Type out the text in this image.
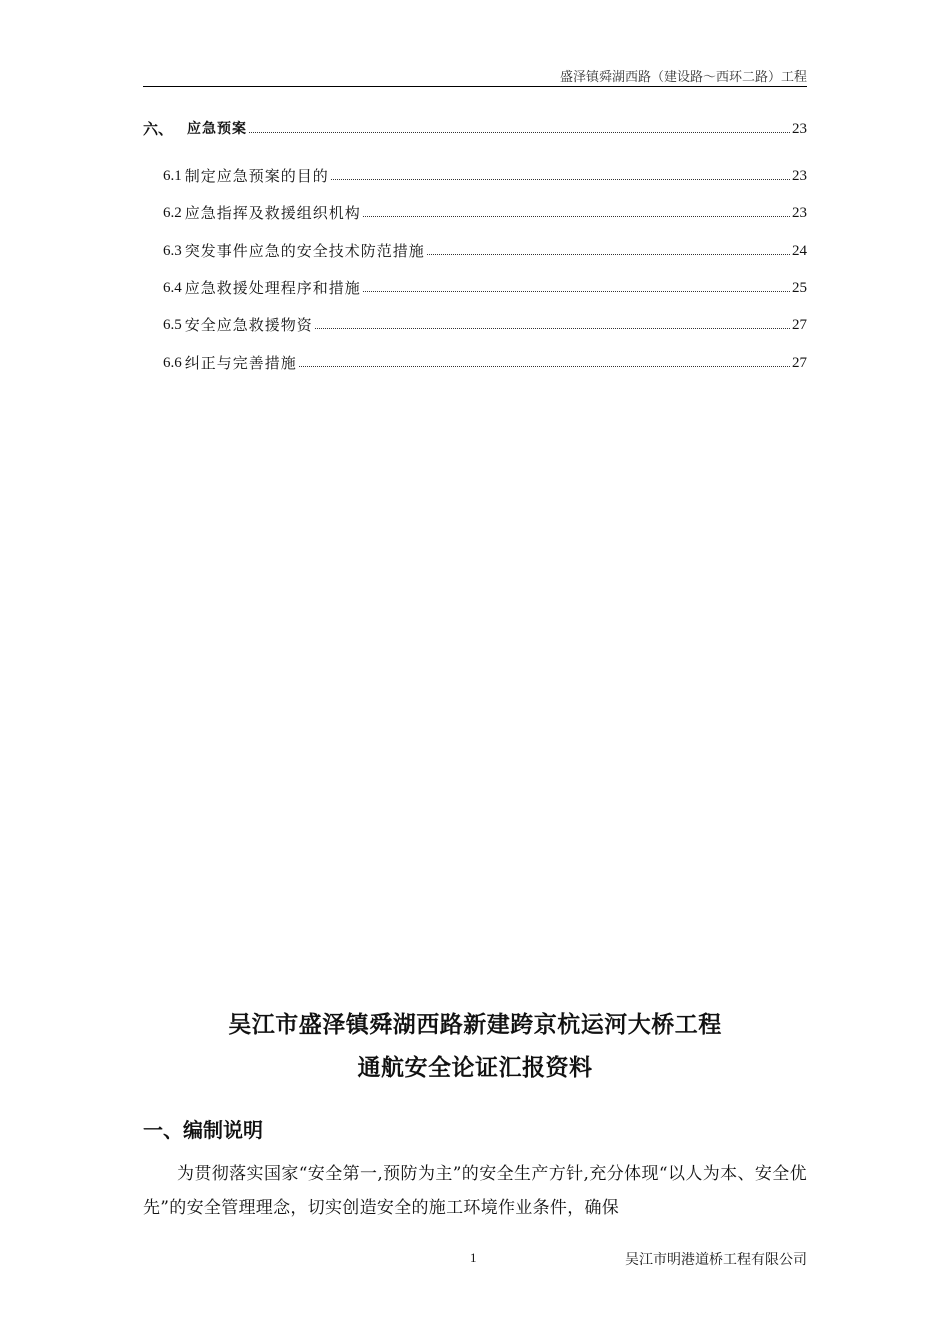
盛泽镇舜湖西路（建设路～西环二路）工程
六、 应急预案	23
6.1 制定应急预案的目的	23
6.2 应急指挥及救援组织机构	23
6.3 突发事件应急的安全技术防范措施	24
6.4 应急救援处理程序和措施	25
6.5 安全应急救援物资	27
6.6 纠正与完善措施	27
吴江市盛泽镇舜湖西路新建跨京杭运河大桥工程
通航安全论证汇报资料
一、编制说明
为贯彻落实国家“安全第一,预防为主”的安全生产方针,充分体现“以人为本、安全优先”的安全管理理念，切实创造安全的施工环境作业条件，确保
1	吴江市明港道桥工程有限公司
